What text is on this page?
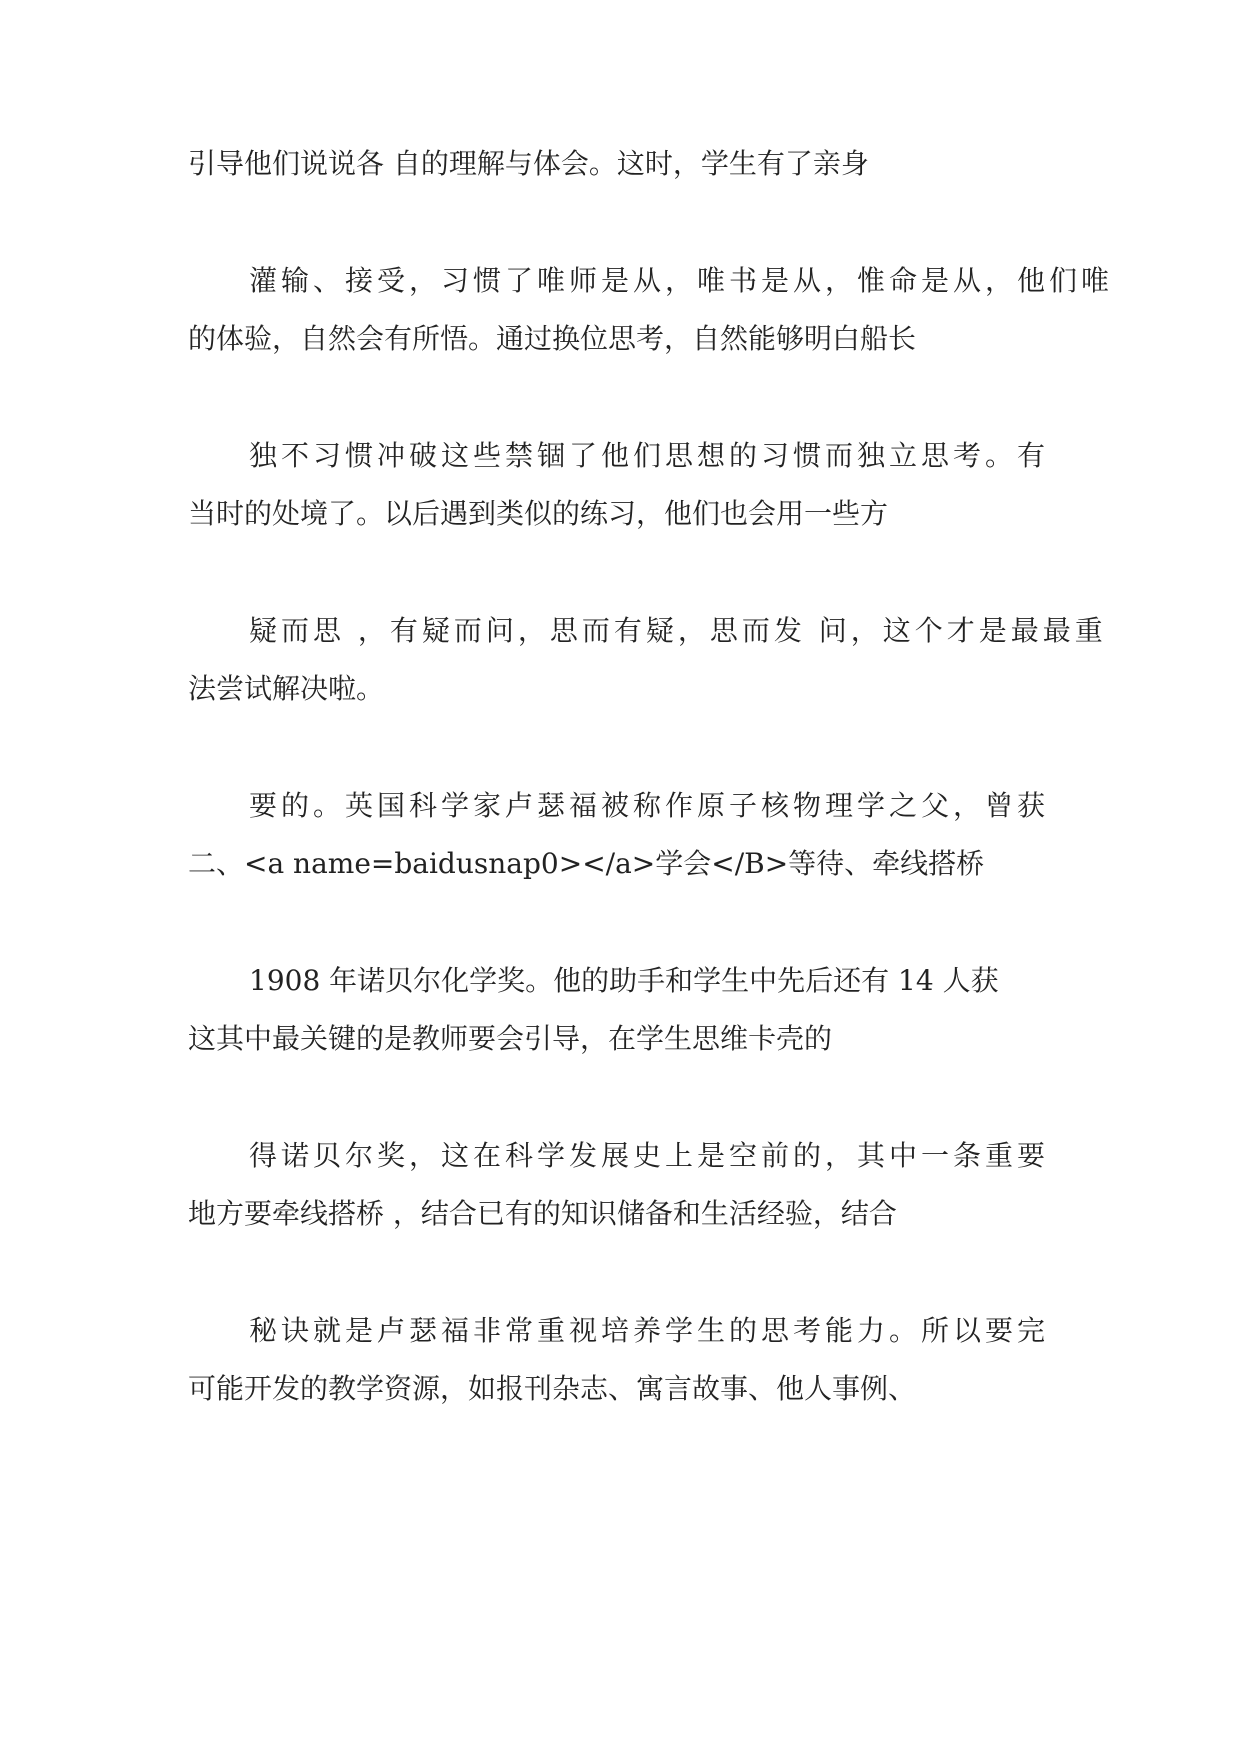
引导他们说说各 自的理解与体会。这时，学生有了亲身
灌输、接受，习惯了唯师是从，唯书是从，惟命是从，他们唯
的体验，自然会有所悟。通过换位思考，自然能够明白船长
独不习惯冲破这些禁锢了他们思想的习惯而独立思考。有
当时的处境了。以后遇到类似的练习，他们也会用一些方
疑而思 ，有疑而问，思而有疑，思而发 问，这个才是最最重
法尝试解决啦。
要的。英国科学家卢瑟福被称作原子核物理学之父，曾获
二、<a name=baidusnap0></a>学会</B>等待、牵线搭桥
1908 年诺贝尔化学奖。他的助手和学生中先后还有 14 人获
这其中最关键的是教师要会引导，在学生思维卡壳的
得诺贝尔奖，这在科学发展史上是空前的，其中一条重要
地方要牵线搭桥 ，结合已有的知识储备和生活经验，结合
秘诀就是卢瑟福非常重视培养学生的思考能力。所以要完
可能开发的教学资源，如报刊杂志、寓言故事、他人事例、
